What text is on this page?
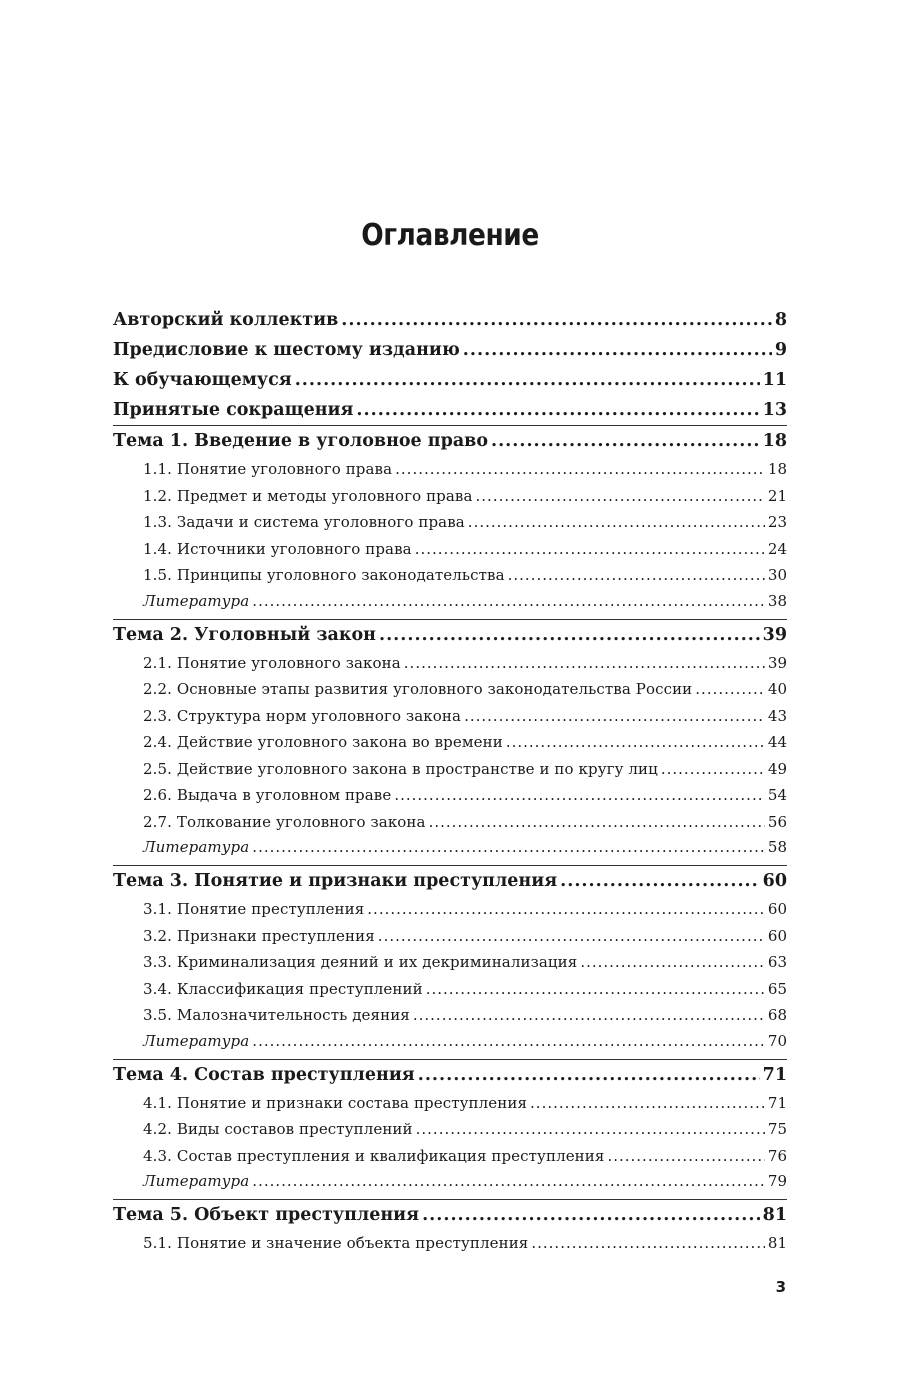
Оглавление
Авторский коллектив .....	8
Предисловие к шестому изданию .....	9
К обучающемуся .....	11
Принятые сокращения .....	13
Тема 1. Введение в уголовное право .....	18
1.1. Понятие уголовного права .....	18
1.2. Предмет и методы уголовного права .....	21
1.3. Задачи и система уголовного права .....	23
1.4. Источники уголовного права .....	24
1.5. Принципы уголовного законодательства .....	30
Литература .....	38
Тема 2. Уголовный закон .....	39
2.1. Понятие уголовного закона .....	39
2.2. Основные этапы развития уголовного законодательства России .....	40
2.3. Структура норм уголовного закона .....	43
2.4. Действие уголовного закона во времени .....	44
2.5. Действие уголовного закона в пространстве и по кругу лиц .....	49
2.6. Выдача в уголовном праве .....	54
2.7. Толкование уголовного закона .....	56
Литература .....	58
Тема 3. Понятие и признаки преступления .....	60
3.1. Понятие преступления .....	60
3.2. Признаки преступления .....	60
3.3. Криминализация деяний и их декриминализация .....	63
3.4. Классификация преступлений .....	65
3.5. Малозначительность деяния .....	68
Литература .....	70
Тема 4. Состав преступления .....	71
4.1. Понятие и признаки состава преступления .....	71
4.2. Виды составов преступлений .....	75
4.3. Состав преступления и квалификация преступления .....	76
Литература .....	79
Тема 5. Объект преступления .....	81
5.1. Понятие и значение объекта преступления .....	81
3
